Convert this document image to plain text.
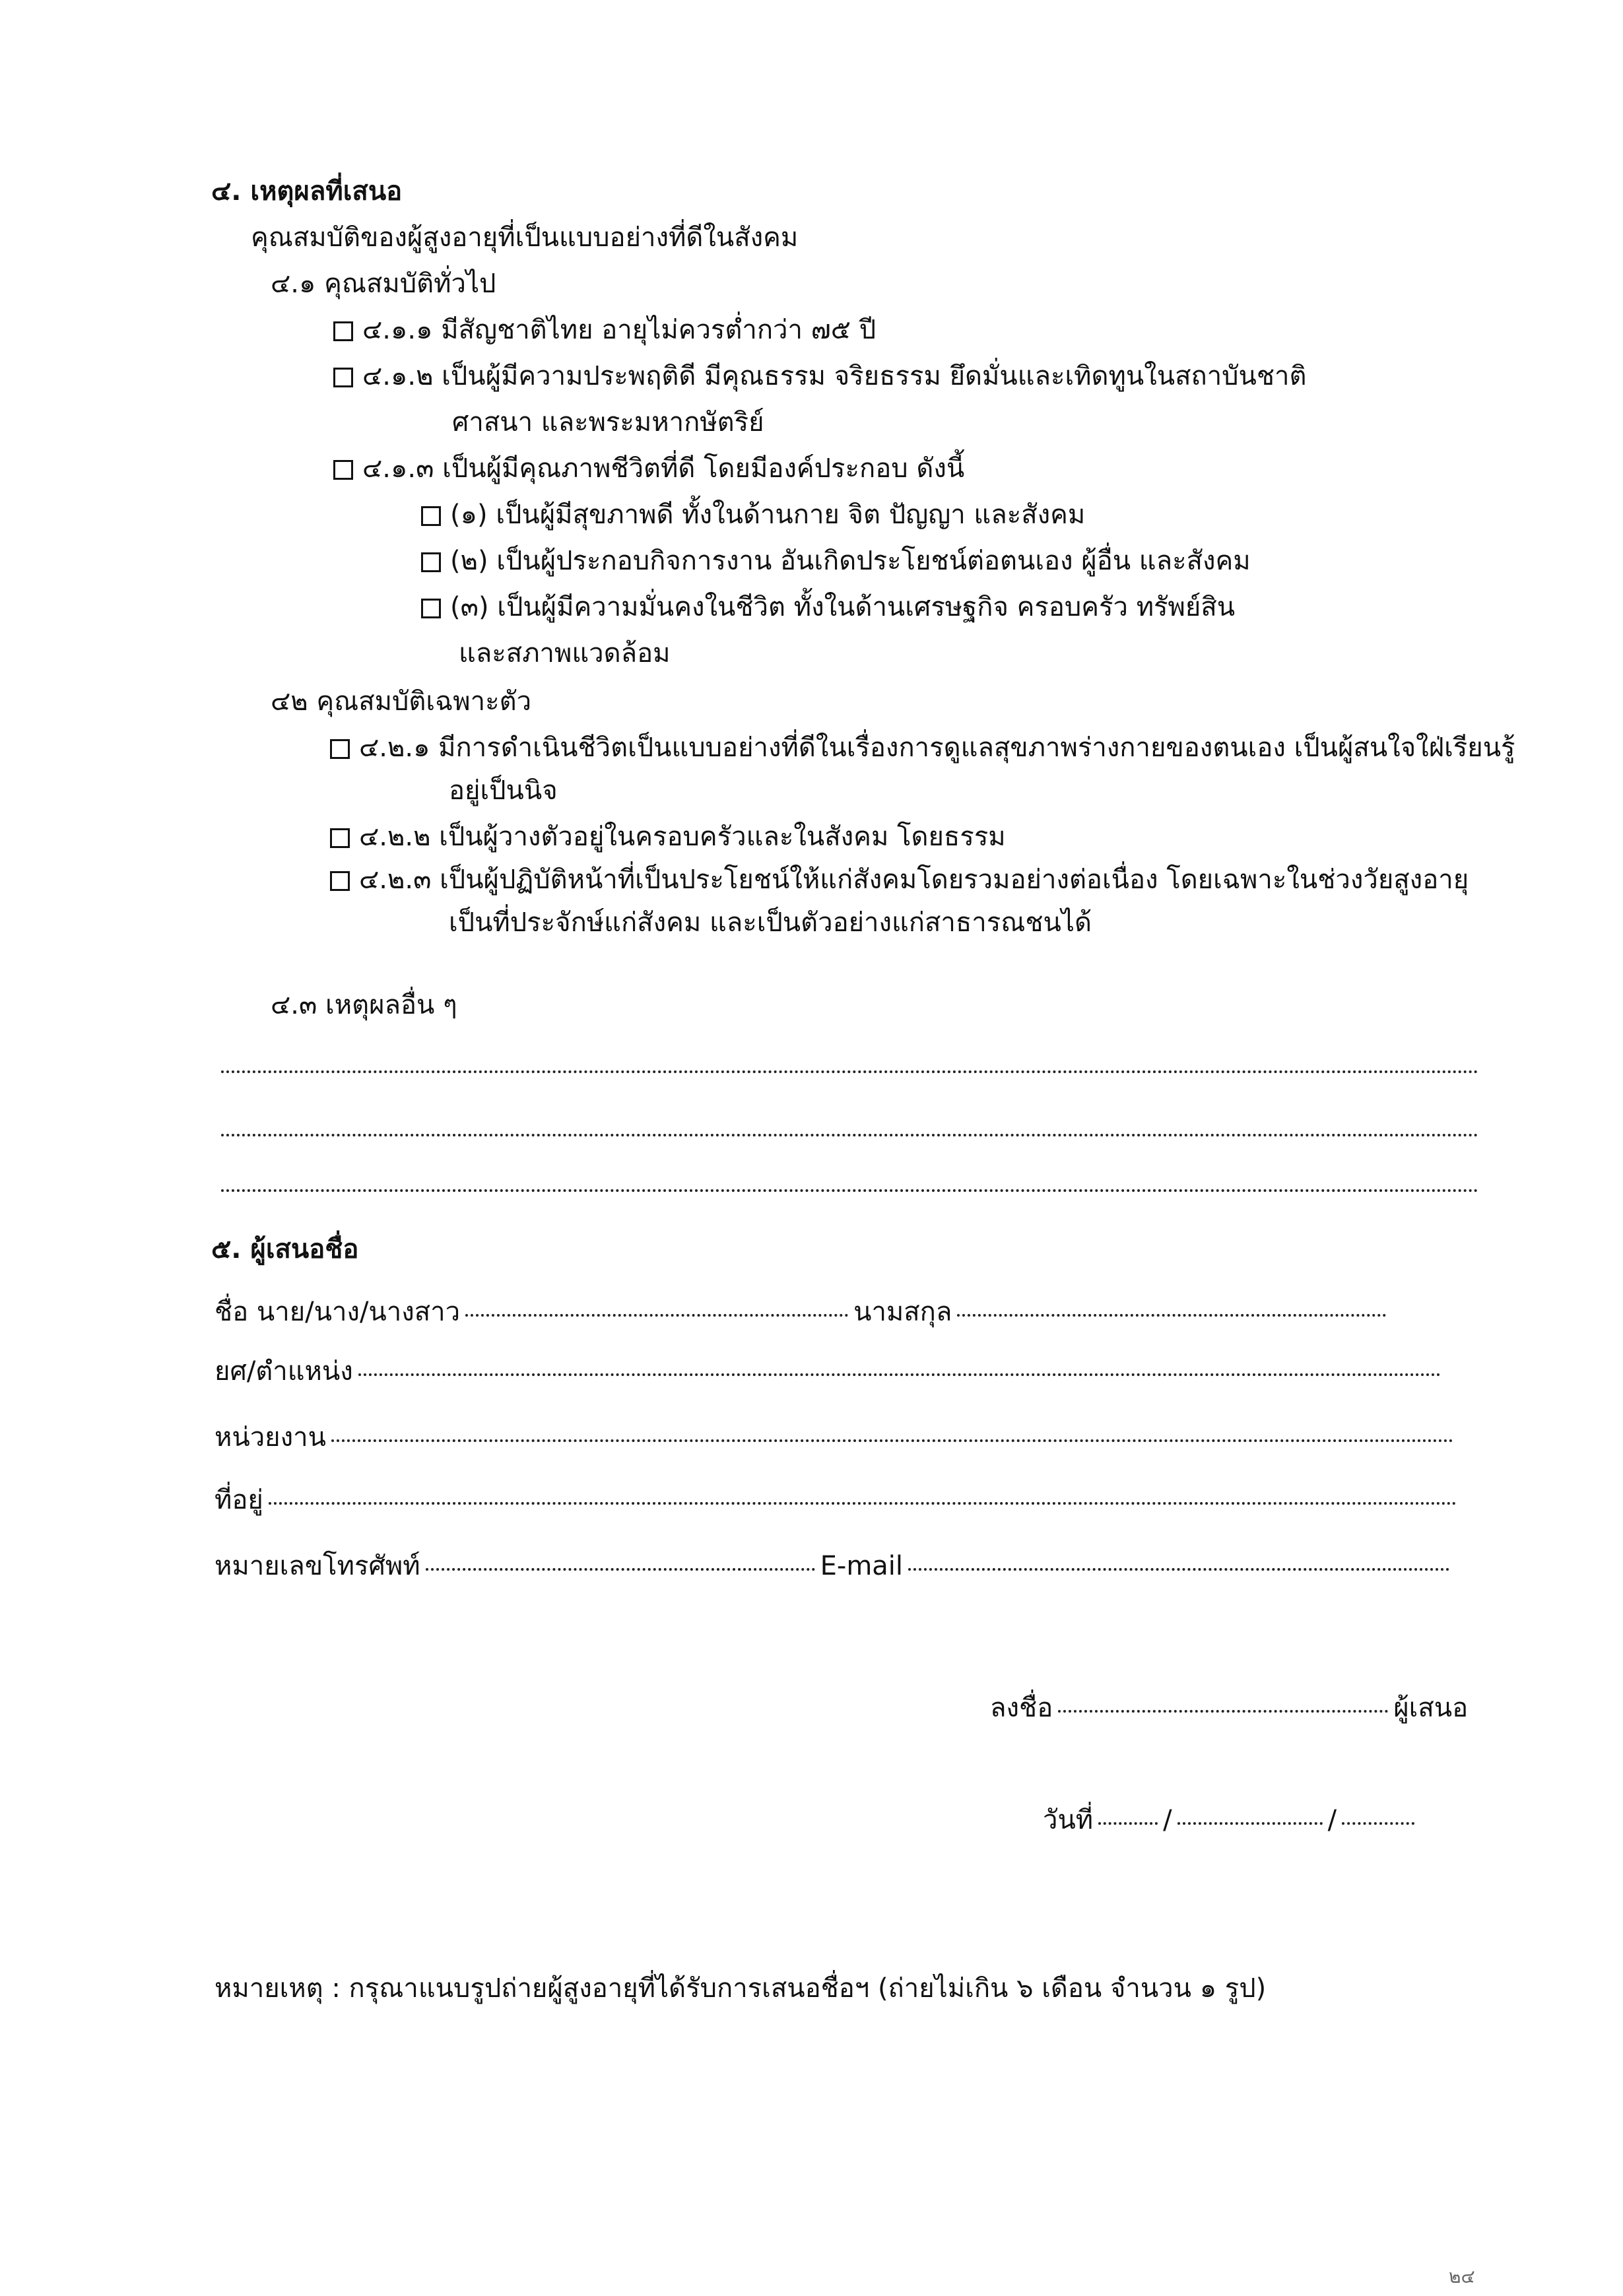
๔. เหตุผลที่เสนอ
คุณสมบัติของผู้สูงอายุที่เป็นแบบอย่างที่ดีในสังคม
๔.๑ คุณสมบัติทั่วไป
๔.๑.๑ มีสัญชาติไทย อายุไม่ควรต่ำกว่า ๗๕ ปี
๔.๑.๒ เป็นผู้มีความประพฤติดี มีคุณธรรม จริยธรรม ยึดมั่นและเทิดทูนในสถาบันชาติ
ศาสนา และพระมหากษัตริย์
๔.๑.๓ เป็นผู้มีคุณภาพชีวิตที่ดี โดยมีองค์ประกอบ ดังนี้
(๑) เป็นผู้มีสุขภาพดี ทั้งในด้านกาย จิต ปัญญา และสังคม
(๒) เป็นผู้ประกอบกิจการงาน อันเกิดประโยชน์ต่อตนเอง ผู้อื่น และสังคม
(๓) เป็นผู้มีความมั่นคงในชีวิต ทั้งในด้านเศรษฐกิจ ครอบครัว ทรัพย์สิน
และสภาพแวดล้อม
๔๒ คุณสมบัติเฉพาะตัว
๔.๒.๑ มีการดำเนินชีวิตเป็นแบบอย่างที่ดีในเรื่องการดูแลสุขภาพร่างกายของตนเอง เป็นผู้สนใจใฝ่เรียนรู้
อยู่เป็นนิจ
๔.๒.๒ เป็นผู้วางตัวอยู่ในครอบครัวและในสังคม โดยธรรม
๔.๒.๓ เป็นผู้ปฏิบัติหน้าที่เป็นประโยชน์ให้แก่สังคมโดยรวมอย่างต่อเนื่อง โดยเฉพาะในช่วงวัยสูงอายุ
เป็นที่ประจักษ์แก่สังคม และเป็นตัวอย่างแก่สาธารณชนได้
๔.๓ เหตุผลอื่น ๆ
๕. ผู้เสนอชื่อ
ชื่อ นาย/นาง/นางสาว	นามสกุล
ยศ/ตำแหน่ง
หน่วยงาน
ที่อยู่
หมายเลขโทรศัพท์	E-mail
ลงชื่อ	ผู้เสนอ
วันที่	/	/
หมายเหตุ : กรุณาแนบรูปถ่ายผู้สูงอายุที่ได้รับการเสนอชื่อฯ (ถ่ายไม่เกิน ๖ เดือน จำนวน ๑ รูป)
๒๔
